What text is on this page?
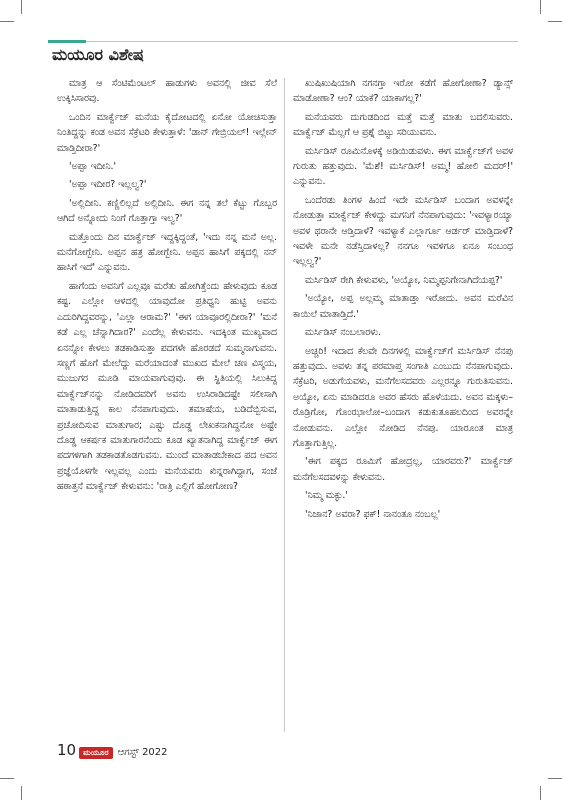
ಮಯೂರ ವಿಶೇಷ

ಮಾತ್ರ ಆ ಸೆಂಟಿಮೆಂಟಲ್ ಹಾಡುಗಳು ಅವನಲ್ಲಿ ಜೀವ ಸೆಲೆ ಉಕ್ಕಿಸಿಸಾರವು.

ಒಂದಿನ ಮಾರ್ಕ್ವೆಜ್ ಮನೆಯ ಕೈದೋಟದಲ್ಲಿ ಏನೋ ಯೋಚಿಸುತ್ತಾ ನಿಂತಿದ್ದನ್ನು ಕಂಡ ಅವನ ಸೆಕ್ರೆಟರಿ ಕೇಳುತ್ತಾಳೆ: 'ಡಾನ್ ಗೇಬ್ರಿಯಲ್! ಇಲ್ಲೇನ್ ಮಾಡ್ತಿದೀರಾ?'

'ಅಪ್ಪಾ ಇದೀನಿ.'

'ಅಪ್ಪಾ ಇದೀರ? ಇಲ್ಲಲ್ವ?'

'ಅಲ್ಲಿದೀನಿ. ಕಣ್ಣಿಲಿಲ್ಲದೆ ಅಲ್ಲಿದೀನಿ. ಈಗ ನನ್ನ ತಲೆ ಕೆಟ್ಟು ಗೊಬ್ಬರ ಆಗಿದೆ ಅನ್ನೋದು ನಿಂಗೆ ಗೊತ್ತಾಗ್ತಾ ಇಲ್ವ?'

ಮತ್ತೊಂದು ದಿನ ಮಾರ್ಕ್ವೆಜ್ ಇದ್ದಕ್ಕಿದ್ದಂತೆ, 'ಇದು ನನ್ನ ಮನೆ ಅಲ್ಲ. ಮನೆಗೋಗ್ಬೇನಿ. ಅಪ್ಪನ ಹತ್ರ ಹೋಗ್ಬೇನಿ. ಅಪ್ಪನ ಹಾಸಿಗೆ ಪಕ್ಕದಲ್ಲಿ ನನ್ ಹಾಸಿಗೆ ಇದೆ' ಎನ್ನುವನು.

ಹಾಗೆಂದು ಅವನಿಗೆ ಎಲ್ಲವೂ ಮರೆತು ಹೋಗಿತ್ತೆಂದು ಹೇಳುವುದು ಕೂಡ ಕಷ್ಟ. ಎಲ್ಲೋ ಆಳದಲ್ಲಿ ಯಾವುದೋ ಪ್ರತಿಧ್ವನಿ ಹುಟ್ಟಿ ಅವನು ಎದುರಿಗಿದ್ದವರನ್ನು, 'ಎಲ್ಲಾ ಆರಾಮ?' 'ಈಗ ಯಾವೂರಲ್ಲಿದೀರಾ?' 'ಮನೆ ಕಡೆ ಎಲ್ಲ ಚೆನ್ನಾಗಿದಾರ?' ಎಂದೆಲ್ಲ ಕೇಳುವನು. ಇದಕ್ಕಿಂತ ಮುಖ್ಯವಾದ ಏನನ್ನೋ ಕೇಳಲು ತಡಕಾಡಿಸುತ್ತಾ ಪದಗಳೇ ಹೊರಡದೆ ಸುಮ್ಮನಾಗುವನು. ಸಣ್ಣಗೆ ಹೊಗೆ ಮೇಲೆದ್ದು ಮರೆಯಾದಂತೆ ಮುಖದ ಮೇಲೆ ಚಣ ವಿಸ್ಮಯ, ಮುಜುಗರ ಮೂಡಿ ಮಾಯವಾಗುವುವು. ಈ ಸ್ಥಿತಿಯಲ್ಲಿ ಸಿಲುಕಿದ್ದ ಮಾರ್ಕ್ವೆಜ್‌ನನ್ನು ನೋಡಿದವರಿಗೆ ಅವನು ಉಸಿರಾಡಿದಷ್ಟೇ ಸಲೀಸಾಗಿ ಮಾತಾಡುತ್ತಿದ್ದ ಕಾಲ ನೆನಪಾಗುವುದು. ತಮಾಷೆಯ, ಬಡಿದೆಬ್ಬಿಸುವ, ಪ್ರಚೋದಿಸುವ ಮಾತುಗಾರ; ಎಷ್ಟು ದೊಡ್ಡ ಲೇಖಕನಾಗಿದ್ದನೋ ಅಷ್ಟೇ ದೊಡ್ಡ ಆಕರ್ಷಕ ಮಾತುಗಾರನೆಂದು ಕೂಡ ಖ್ಯಾತನಾಗಿದ್ದ ಮಾರ್ಕ್ವೆಜ್ ಈಗ ಪದಗಳಿಗಾಗಿ ತಡಕಾಡತೊಡಗುವನು. ಮುಂದೆ ಮಾತಾಡಬೇಕಾದ ಪದ ಅವನ ಪ್ರಜ್ಞೆಯೊಳಗೇ ಇಲ್ಲವಲ್ಲ ಎಂದು ಮನೆಯವರು ಖಿನ್ನರಾಗಿದ್ದಾಗ, ಸಂಜೆ ಹಠಾತ್ತನೆ ಮಾರ್ಕ್ವೆಜ್ ಕೇಳುವನು: 'ರಾತ್ರಿ ಎಲ್ಲಿಗೆ ಹೋಗೋಣ?

ಖುಷಿಖುಷಿಯಾಗಿ ನಗನಗ್ತಾ ಇರೋ ಕಡೆಗೆ ಹೋಗೋಣಾ? ಡ್ಯಾನ್ಸ್ ಮಾಡೋಣಾ? ಆಂ? ಯಾಕೆ? ಯಾಕಾಗಲ್ಲ?'

ಮನೆಯವರು ದುಗುಡದಿಂದ ಮತ್ತೆ ಮತ್ತೆ ಮಾತು ಬದಲಿಸುವರು. ಮಾರ್ಕ್ವೆಜ್ ಮೆಲ್ಲಗೆ ಆ ಪ್ರಶ್ನೆ ಬಿಟ್ಟು ಸರಿಯುವನು.

ಮರ್ಸಿಡಿಸ್ ರೂಮಿನೊಳಕ್ಕೆ ಅಡಿಯಿಡುವಳು. ಈಗ ಮಾರ್ಕ್ವೆಜ್‌ಗೆ ಅವಳ ಗುರುತು ಹತ್ತುವುದು. 'ಮೆಶೆ! ಮರ್ಸಿಡಿಸ್! ಅಮ್ಮ! ಹೋಲಿ ಮದರ್!' ಎನ್ನುವನು.

ಒಂದೆರಡು ತಿಂಗಳ ಹಿಂದೆ ಇದೇ ಮರ್ಸಿಡಿಸ್ ಬಂದಾಗ ಅವಳನ್ನೇ ನೋಡುತ್ತಾ ಮಾರ್ಕ್ವೆಜ್ ಕೇಳಿದ್ದು ಮಗನಿಗೆ ನೆನಪಾಗುವುದು: 'ಇವಳ್ಯಾರಯ್ಯಾ ಅವಳ ಥರಾನೇ ಆಡ್ತಿದಾಳೆ? ಇವಳ್ಯಾಕೆ ಎಲ್ಲಾರ್ಗೂ ಆರ್ಡರ್ ಮಾಡ್ತಿದಾಳೆ? ಇವಳೇ ಮನೇ ನಡೆಸ್ತಿದಾಳಲ್ಲ? ನನಗೂ ಇವಳಿಗೂ ಏನೂ ಸಂಬಂಧ ಇಲ್ಲಲ್ವ?'

ಮರ್ಸಿಡಿಸ್ ರೇಗಿ ಕೇಳುವಳು, 'ಅಯ್ಯೋ, ನಿಮ್ಮಪ್ಪನಿಗೇನಾಗಿದೆಯಪ್ಪ?'

'ಅಯ್ಯೋ, ಅಪ್ಪ ಅಲ್ಲಮ್ಮ ಮಾತಾಡ್ತಾ ಇರೋದು. ಅವನ ಮರೆವಿನ ಕಾಯಿಲೆ ಮಾತಾಡ್ತಿದೆ.'

ಮರ್ಸಿಡಿಸ್ ನಂಬಲಾರಳು.

ಅಚ್ಚರಿ! ಇದಾದ ಕೆಲವೇ ದಿನಗಳಲ್ಲಿ ಮಾರ್ಕ್ವೆಜ್‌ಗೆ ಮರ್ಸಿಡಿಸ್ ನೆನಪು ಹತ್ತುವುದು. ಅವಳು ತನ್ನ ಪರಮಾಪ್ತ ಸಂಗಾತಿ ಎಂಬುದು ನೆನಪಾಗುವುದು. ಸೆಕ್ರೆಟರಿ, ಅಡುಗೆಯವಳು, ಮನೆಗೆಲಸದವರು ಎಲ್ಲರನ್ನೂ ಗುರುತಿಸುವನು. ಅಯ್ಯೋ, ಏನು ಮಾಡಿದರೂ ಅವರ ಹೆಸರು ಹೊಳೆಯದು. ಅವನ ಮಕ್ಕಳು–ರೊಡ್ರಿಗೋ, ಗೊಂಝಾಲೋ–ಬಂದಾಗ ಕಡುಕುತೂಹಲದಿಂದ ಅವರನ್ನೇ ನೋಡುವನು. ಎಲ್ಲೋ ನೋಡಿದ ನೆನಪು. ಯಾರೂಂತ ಮಾತ್ರ ಗೊತ್ತಾಗುತ್ತಿಲ್ಲ.

'ಈಗ ಪಕ್ಕದ ರೂಮಿಗೆ ಹೋದ್ರಲ್ಲ, ಯಾರವರು?' ಮಾರ್ಕ್ವೆಜ್ ಮನೆಗೆಲಸದವಳನ್ನು ಕೇಳುವನು.

'ನಿಮ್ಮ ಮಕ್ಳು.'

'ನಿಜಾನ? ಅವರಾ? ಫಕ್! ನಾನಂತೂ ನಂಬಲ್ಲ'

10 ಮಯೂರ ಆಗಸ್ಟ್ 2022
